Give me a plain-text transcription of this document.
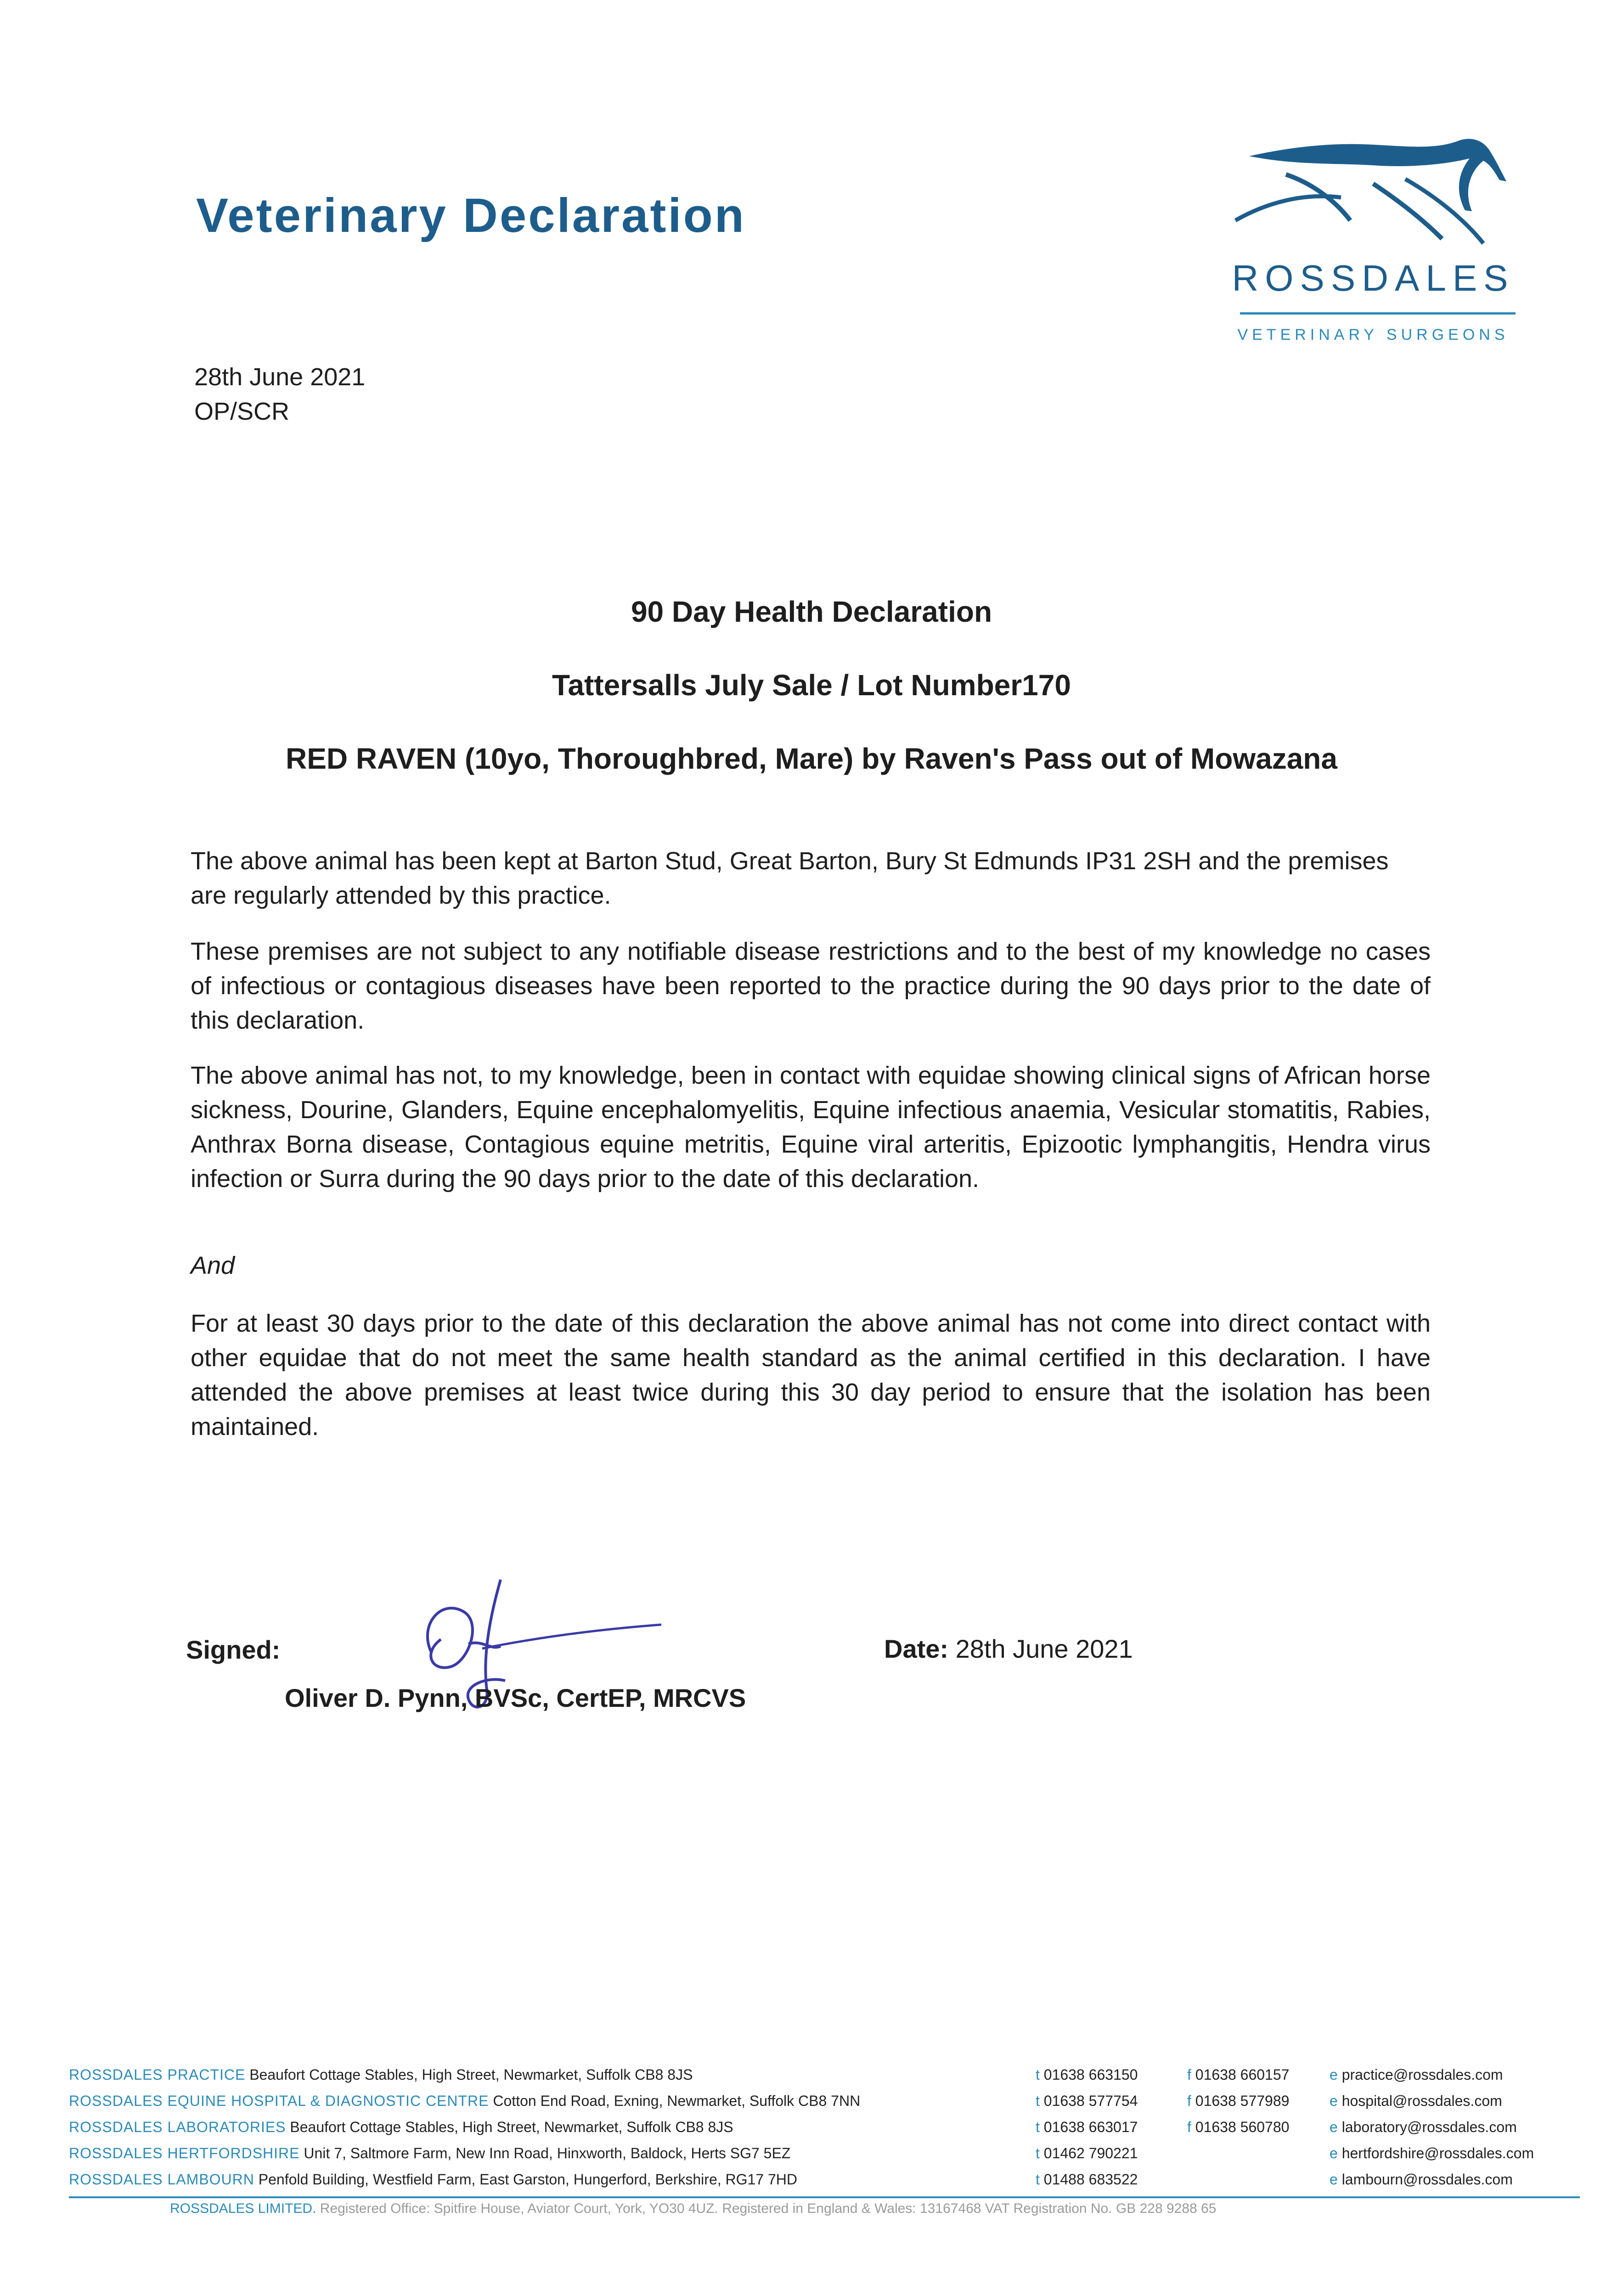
Veterinary Declaration
ROSSDALES
VETERINARY SURGEONS
28th June 2021
OP/SCR
90 Day Health Declaration
Tattersalls July Sale / Lot Number170
RED RAVEN (10yo, Thoroughbred, Mare) by Raven's Pass out of Mowazana

The above animal has been kept at Barton Stud, Great Barton, Bury St Edmunds IP31 2SH and the premises are regularly attended by this practice.

These premises are not subject to any notifiable disease restrictions and to the best of my knowledge no cases of infectious or contagious diseases have been reported to the practice during the 90 days prior to the date of this declaration.

The above animal has not, to my knowledge, been in contact with equidae showing clinical signs of African horse sickness, Dourine, Glanders, Equine encephalomyelitis, Equine infectious anaemia, Vesicular stomatitis, Rabies, Anthrax Borna disease, Contagious equine metritis, Equine viral arteritis, Epizootic lymphangitis, Hendra virus infection or Surra during the 90 days prior to the date of this declaration.

And

For at least 30 days prior to the date of this declaration the above animal has not come into direct contact with other equidae that do not meet the same health standard as the animal certified in this declaration. I have attended the above premises at least twice during this 30 day period to ensure that the isolation has been maintained.

Signed:
Oliver D. Pynn, BVSc, CertEP, MRCVS
Date: 28th June 2021
ROSSDALES PRACTICE Beaufort Cottage Stables, High Street, Newmarket, Suffolk CB8 8JS	t 01638 663150	f 01638 660157	e practice@rossdales.com
ROSSDALES EQUINE HOSPITAL & DIAGNOSTIC CENTRE Cotton End Road, Exning, Newmarket, Suffolk CB8 7NN	t 01638 577754	f 01638 577989	e hospital@rossdales.com
ROSSDALES LABORATORIES Beaufort Cottage Stables, High Street, Newmarket, Suffolk CB8 8JS	t 01638 663017	f 01638 560780	e laboratory@rossdales.com
ROSSDALES HERTFORDSHIRE Unit 7, Saltmore Farm, New Inn Road, Hinxworth, Baldock, Herts SG7 5EZ	t 01462 790221	e hertfordshire@rossdales.com
ROSSDALES LAMBOURN Penfold Building, Westfield Farm, East Garston, Hungerford, Berkshire, RG17 7HD	t 01488 683522	e lambourn@rossdales.com
ROSSDALES LIMITED. Registered Office: Spitfire House, Aviator Court, York, YO30 4UZ. Registered in England & Wales: 13167468 VAT Registration No. GB 228 9288 65
